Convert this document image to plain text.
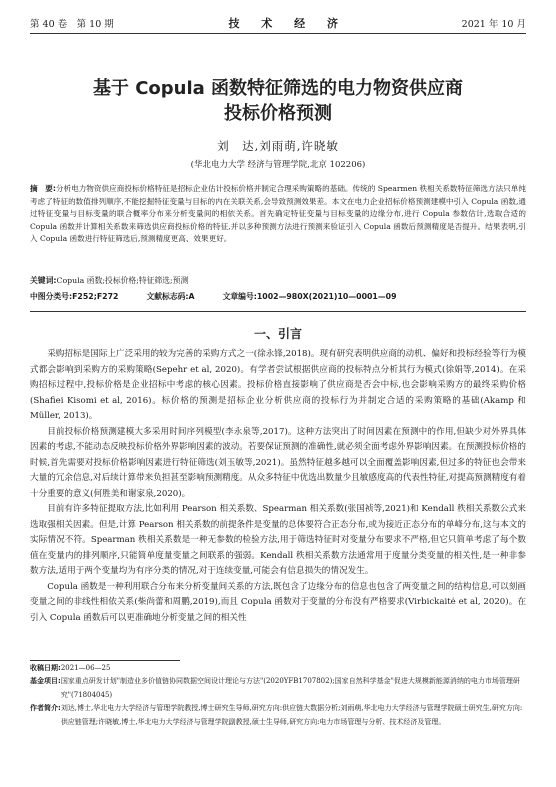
第 40 卷　第 10 期	技 术 经 济	2021 年 10 月
基于 Copula 函数特征筛选的电力物资供应商
投标价格预测
刘　达,刘雨萌,许晓敏
(华北电力大学 经济与管理学院,北京 102206)
摘　要:分析电力物资供应商投标价格特征是招标企业估计投标价格并制定合理采购策略的基础。传统的 Spearmen 秩相关系数特征筛选方法只单纯考虑了特征的数值排列顺序,不能挖掘特征变量与目标的内在关联关系,会导致预测效果差。本文在电力企业招标价格预测建模中引入 Copula 函数,通过特征变量与目标变量的联合概率分布来分析变量间的相依关系。首先确定特征变量与目标变量的边缘分布,进行 Copula 参数估计,选取合适的 Copula 函数并计算相关系数来筛选供应商投标价格的特征,并以多种预测方法进行预测来验证引入 Copula 函数后预测精度是否提升。结果表明,引入 Copula 函数进行特征筛选后,预测精度更高、效果更好。
关键词:Copula 函数;投标价格;特征筛选;预测
中图分类号:F252;F272	文献标志码:A	文章编号:1002—980X(2021)10—0001—09
一、引言

采购招标是国际上广泛采用的较为完善的采购方式之一(徐永锋,2018)。现有研究表明供应商的动机、偏好和投标经验等行为模式都会影响到采购方的采购策略(Sepehr et al, 2020)。有学者尝试根据供应商的投标特点分析其行为模式(徐娟等,2014)。在采购招标过程中,投标价格是企业招标中考虑的核心因素。投标价格直接影响了供应商是否会中标,也会影响采购方的最终采购价格(Shafiei Kisomi et al, 2016)。标价格的预测是招标企业分析供应商的投标行为并制定合适的采购策略的基础(Akamp 和 Müller, 2013)。

目前投标价格预测建模大多采用时间序列模型(李永泉等,2017)。这种方法突出了时间因素在预测中的作用,但缺少对外界具体因素的考虑,不能动态反映投标价格外界影响因素的波动。若要保证预测的准确性,就必须全面考虑外界影响因素。在预测投标价格的时候,首先需要对投标价格影响因素进行特征筛选(刘玉敏等,2021)。虽然特征越多越可以全面覆盖影响因素,但过多的特征也会带来大量的冗余信息,对后续计算带来负担甚至影响预测精度。从众多特征中优选出数量少且敏感度高的代表性特征,对提高预测精度有着十分重要的意义(何胜美和谢家泉,2020)。

目前有许多特征提取方法,比如利用 Pearson 相关系数、Spearman 相关系数(张国祯等,2021)和 Kendall 秩相关系数公式来选取强相关因素。但是,计算 Pearson 相关系数的前提条件是变量的总体要符合正态分布,或为接近正态分布的单峰分布,这与本文的实际情况不符。Spearman 秩相关系数是一种无参数的检验方法,用于筛选特征时对变量分布要求不严格,但它只简单考虑了每个数值在变量内的排列顺序,只能简单度量变量之间联系的强弱。Kendall 秩相关系数方法通常用于度量分类变量的相关性,是一种非参数方法,适用于两个变量均为有序分类的情况,对于连续变量,可能会有信息损失的情况发生。

Copula 函数是一种利用联合分布来分析变量间关系的方法,既包含了边缘分布的信息也包含了两变量之间的结构信息,可以刻画变量之间的非线性相依关系(柴尚蕾和周鹏,2019),而且 Copula 函数对于变量的分布没有严格要求(Virbickaitė et al, 2020)。在引入 Copula 函数后可以更准确地分析变量之间的相关性

收稿日期: 2021—06—25
基金项目: 国家重点研发计划"制造业多价值链协同数据空间设计理论与方法"(2020YFB1707802);国家自然科学基金"促进大规模新能源消纳的电力市场管理研究"(71804045)
作者简介: 刘达,博士,华北电力大学经济与管理学院教授,博士研究生导师,研究方向:供应链大数据分析;刘雨萌,华北电力大学经济与管理学院硕士研究生,研究方向:供应链管理;许晓敏,博士,华北电力大学经济与管理学院副教授,硕士生导师,研究方向:电力市场管理与分析、技术经济及管理。
